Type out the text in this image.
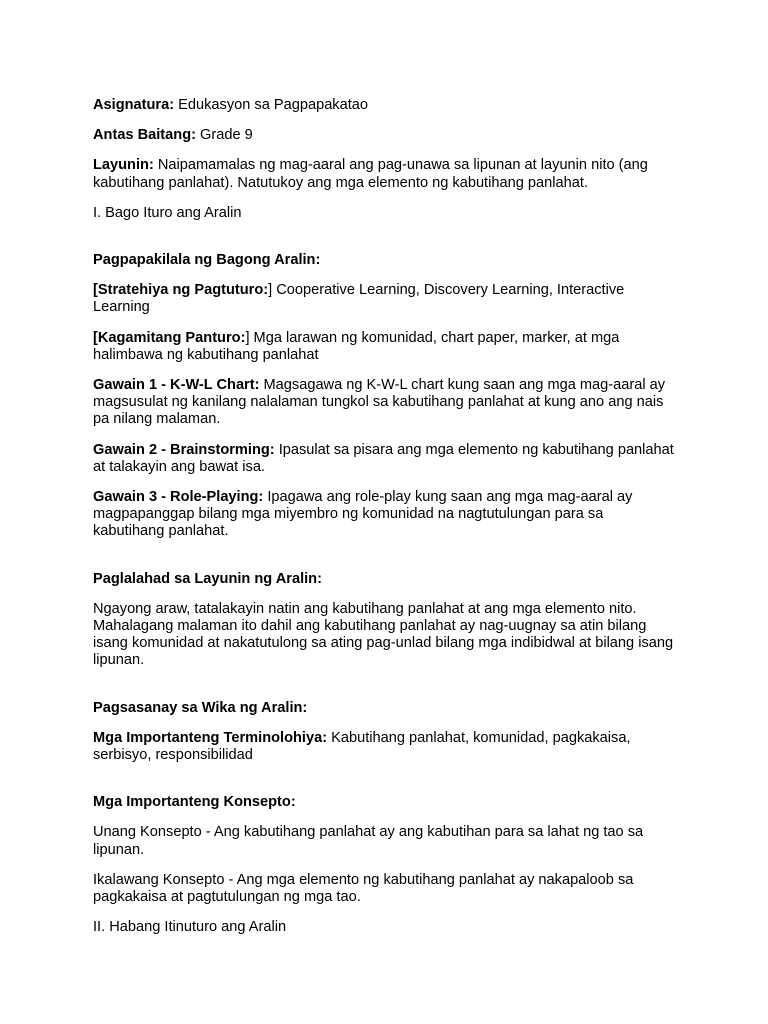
Asignatura: Edukasyon sa Pagpapakatao
Antas Baitang: Grade 9
Layunin: Naipamamalas ng mag-aaral ang pag-unawa sa lipunan at layunin nito (ang kabutihang panlahat). Natutukoy ang mga elemento ng kabutihang panlahat.
I. Bago Ituro ang Aralin
Pagpapakilala ng Bagong Aralin:
[Stratehiya ng Pagtuturo:] Cooperative Learning, Discovery Learning, Interactive Learning
[Kagamitang Panturo:] Mga larawan ng komunidad, chart paper, marker, at mga halimbawa ng kabutihang panlahat
Gawain 1 - K-W-L Chart: Magsagawa ng K-W-L chart kung saan ang mga mag-aaral ay magsusulat ng kanilang nalalaman tungkol sa kabutihang panlahat at kung ano ang nais pa nilang malaman.
Gawain 2 - Brainstorming: Ipasulat sa pisara ang mga elemento ng kabutihang panlahat at talakayin ang bawat isa.
Gawain 3 - Role-Playing: Ipagawa ang role-play kung saan ang mga mag-aaral ay magpapanggap bilang mga miyembro ng komunidad na nagtutulungan para sa kabutihang panlahat.
Paglalahad sa Layunin ng Aralin:
Ngayong araw, tatalakayin natin ang kabutihang panlahat at ang mga elemento nito. Mahalagang malaman ito dahil ang kabutihang panlahat ay nag-uugnay sa atin bilang isang komunidad at nakatutulong sa ating pag-unlad bilang mga indibidwal at bilang isang lipunan.
Pagsasanay sa Wika ng Aralin:
Mga Importanteng Terminolohiya: Kabutihang panlahat, komunidad, pagkakaisa, serbisyo, responsibilidad
Mga Importanteng Konsepto:
Unang Konsepto - Ang kabutihang panlahat ay ang kabutihan para sa lahat ng tao sa lipunan.
Ikalawang Konsepto - Ang mga elemento ng kabutihang panlahat ay nakapaloob sa pagkakaisa at pagtutulungan ng mga tao.
II. Habang Itinuturo ang Aralin
